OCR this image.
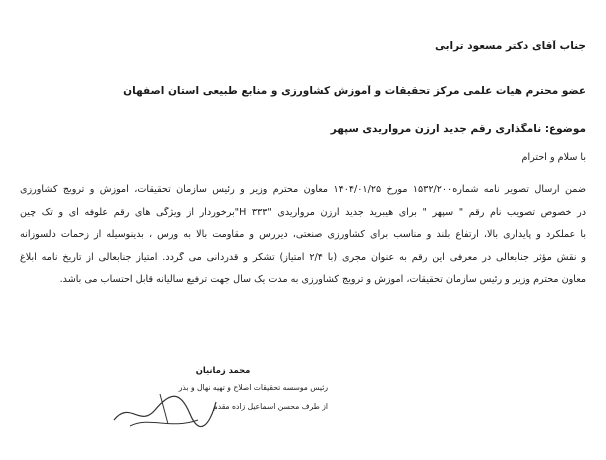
جناب آقای دکتر مسعود ترابی
عضو محترم هیات علمی مرکز تحقیقات و آموزش کشاورزی و منابع طبیعی استان اصفهان
موضوع: نامگذاری رقم جدید ارزن مرواریدی سپهر
با سلام و احترام
ضمن ارسال تصویر نامه شماره۱۵۳۲/۲۰۰ مورخ ۱۴۰۴/۰۱/۲۵ معاون محترم وزیر و رئیس سازمان تحقیقات، آموزش و ترویج کشاورزی
در خصوص تصویب نام رقم " سپهر " برای هیبرید جدید ارزن مرواریدی "H ۳۳۳"برخوردار از ویژگی های رقم علوفه ای و تک چین
با عملکرد و پایداری بالا، ارتفاع بلند و مناسب برای کشاورزی صنعتی، دیررس و مقاومت بالا به ورس ، بدینوسیله از زحمات دلسوزانه
و نقش مؤثر جنابعالی در معرفی این رقم به عنوان مجری (با ۲/۴ امتیاز) تشکر و قدردانی می گردد. امتیاز جنابعالی از تاریخ نامه ابلاغ
معاون محترم وزیر و رئیس سازمان تحقیقات، آموزش و ترویج کشاورزی به مدت یک سال جهت ترفیع سالیانه قابل احتساب می باشد.
محمد زمانیان
رئیس موسسه تحقیقات اصلاح و تهیه نهال و بذر
از طرف محسن اسماعیل زاده مقدم
